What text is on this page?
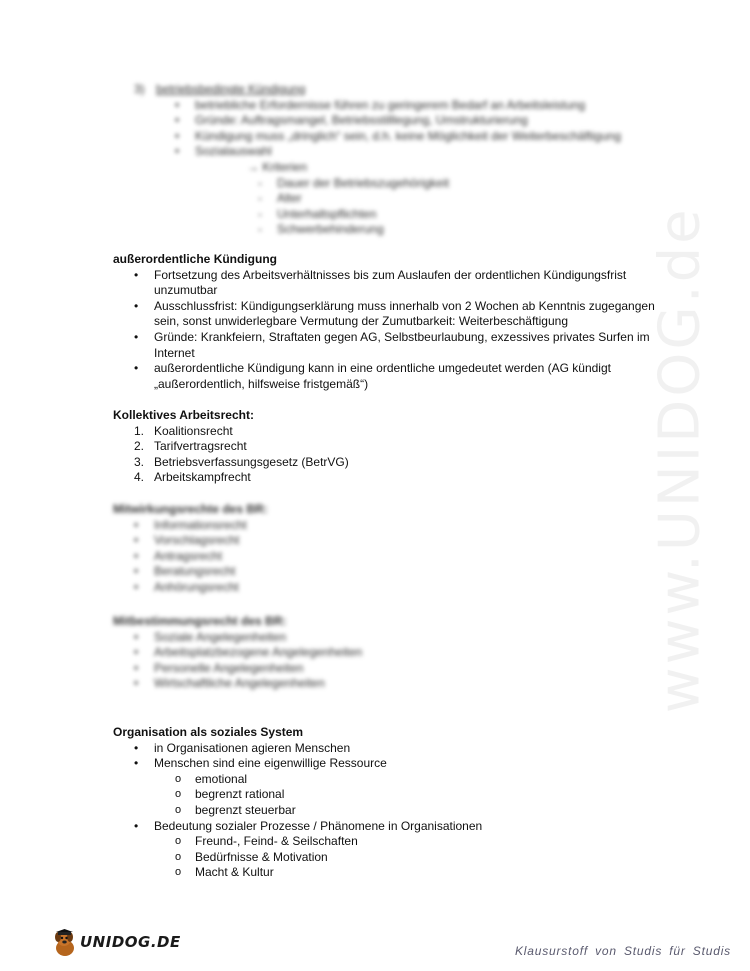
www.UNIDOG.de
3) betriebsbedingte Kündigung
• betriebliche Erfordernisse führen zu geringerem Bedarf an Arbeitsleistung
• Gründe: Auftragsmangel, Betriebsstilllegung, Umstrukturierung
• Kündigung muss „dringlich“ sein, d.h. keine Möglichkeit der Weiterbeschäftigung
• Sozialauswahl
→ Kriterien
- Dauer der Betriebszugehörigkeit
- Alter
- Unterhaltspflichten
- Schwerbehinderung
außerordentliche Kündigung
• Fortsetzung des Arbeitsverhältnisses bis zum Auslaufen der ordentlichen Kündigungsfrist
unzumutbar
• Ausschlussfrist: Kündigungserklärung muss innerhalb von 2 Wochen ab Kenntnis zugegangen
sein, sonst unwiderlegbare Vermutung der Zumutbarkeit: Weiterbeschäftigung
• Gründe: Krankfeiern, Straftaten gegen AG, Selbstbeurlaubung, exzessives privates Surfen im
Internet
• außerordentliche Kündigung kann in eine ordentliche umgedeutet werden (AG kündigt
„außerordentlich, hilfsweise fristgemäß“)
Kollektives Arbeitsrecht:
1. Koalitionsrecht
2. Tarifvertragsrecht
3. Betriebsverfassungsgesetz (BetrVG)
4. Arbeitskampfrecht
Mitwirkungsrechte des BR:
• Informationsrecht
• Vorschlagsrecht
• Antragsrecht
• Beratungsrecht
• Anhörungsrecht
Mitbestimmungsrecht des BR:
• Soziale Angelegenheiten
• Arbeitsplatzbezogene Angelegenheiten
• Personelle Angelegenheiten
• Wirtschaftliche Angelegenheiten
Organisation als soziales System
• in Organisationen agieren Menschen
• Menschen sind eine eigenwillige Ressource
o emotional
o begrenzt rational
o begrenzt steuerbar
• Bedeutung sozialer Prozesse / Phänomene in Organisationen
o Freund-, Feind- & Seilschaften
o Bedürfnisse & Motivation
o Macht & Kultur
UNIDOG.DE	Klausurstoff von Studis für Studis
